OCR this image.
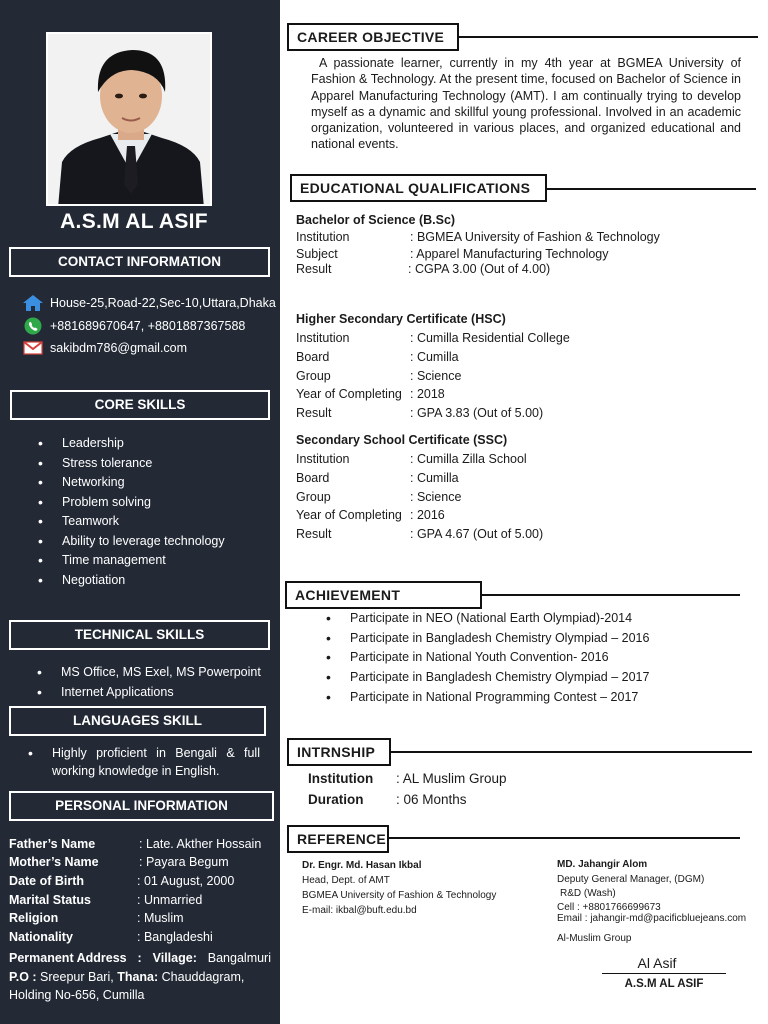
A.S.M AL ASIF
CONTACT INFORMATION
House-25,Road-22,Sec-10,Uttara,Dhaka
+881689670647, +8801887367588
sakibdm786@gmail.com
CORE SKILLS
• Leadership
• Stress tolerance
• Networking
• Problem solving
• Teamwork
• Ability to leverage technology
• Time management
• Negotiation
TECHNICAL SKILLS
• MS Office, MS Exel, MS Powerpoint
• Internet Applications
LANGUAGES SKILL
•	Highly proficient in Bengali & full working knowledge in English.
PERSONAL INFORMATION
Father’s Name	: Late. Akther Hossain
Mother’s Name	: Payara Begum
Date of Birth	: 01 August, 2000
Marital Status	: Unmarried
Religion	: Muslim
Nationality	: Bangladeshi
Permanent Address : Village: Bangalmuri
P.O : Sreepur Bari, Thana: Chauddagram,
Holding No-656, Cumilla
CAREER OBJECTIVE
A passionate learner, currently in my 4th year at BGMEA University of Fashion & Technology. At the present time, focused on Bachelor of Science in Apparel Manufacturing Technology (AMT). I am continually trying to develop myself as a dynamic and skillful young professional. Involved in an academic organization, volunteered in various places, and organized educational and national events.
EDUCATIONAL QUALIFICATIONS
Bachelor of Science (B.Sc)
Institution	: BGMEA University of Fashion & Technology
Subject	: Apparel Manufacturing Technology
Result	: CGPA 3.00 (Out of 4.00)
Higher Secondary Certificate (HSC)
Institution	: Cumilla Residential College
Board	: Cumilla
Group	: Science
Year of Completing : 2018
Result	: GPA 3.83 (Out of 5.00)
Secondary School Certificate (SSC)
Institution	: Cumilla Zilla School
Board	: Cumilla
Group	: Science
Year of Completing : 2016
Result	: GPA 4.67 (Out of 5.00)
ACHIEVEMENT
• Participate in NEO (National Earth Olympiad)-2014
• Participate in Bangladesh Chemistry Olympiad – 2016
• Participate in National Youth Convention- 2016
• Participate in Bangladesh Chemistry Olympiad – 2017
• Participate in National Programming Contest – 2017
INTRNSHIP
Institution : AL Muslim Group
Duration : 06 Months
REFERENCE
Dr. Engr. Md. Hasan Ikbal
Head, Dept. of AMT
BGMEA University of Fashion & Technology
E-mail: ikbal@buft.edu.bd
MD. Jahangir Alom
Deputy General Manager, (DGM)
R&D (Wash)
Cell : +8801766699673
Email : jahangir-md@pacificbluejeans.com
Al-Muslim Group
Al Asif
A.S.M AL ASIF
